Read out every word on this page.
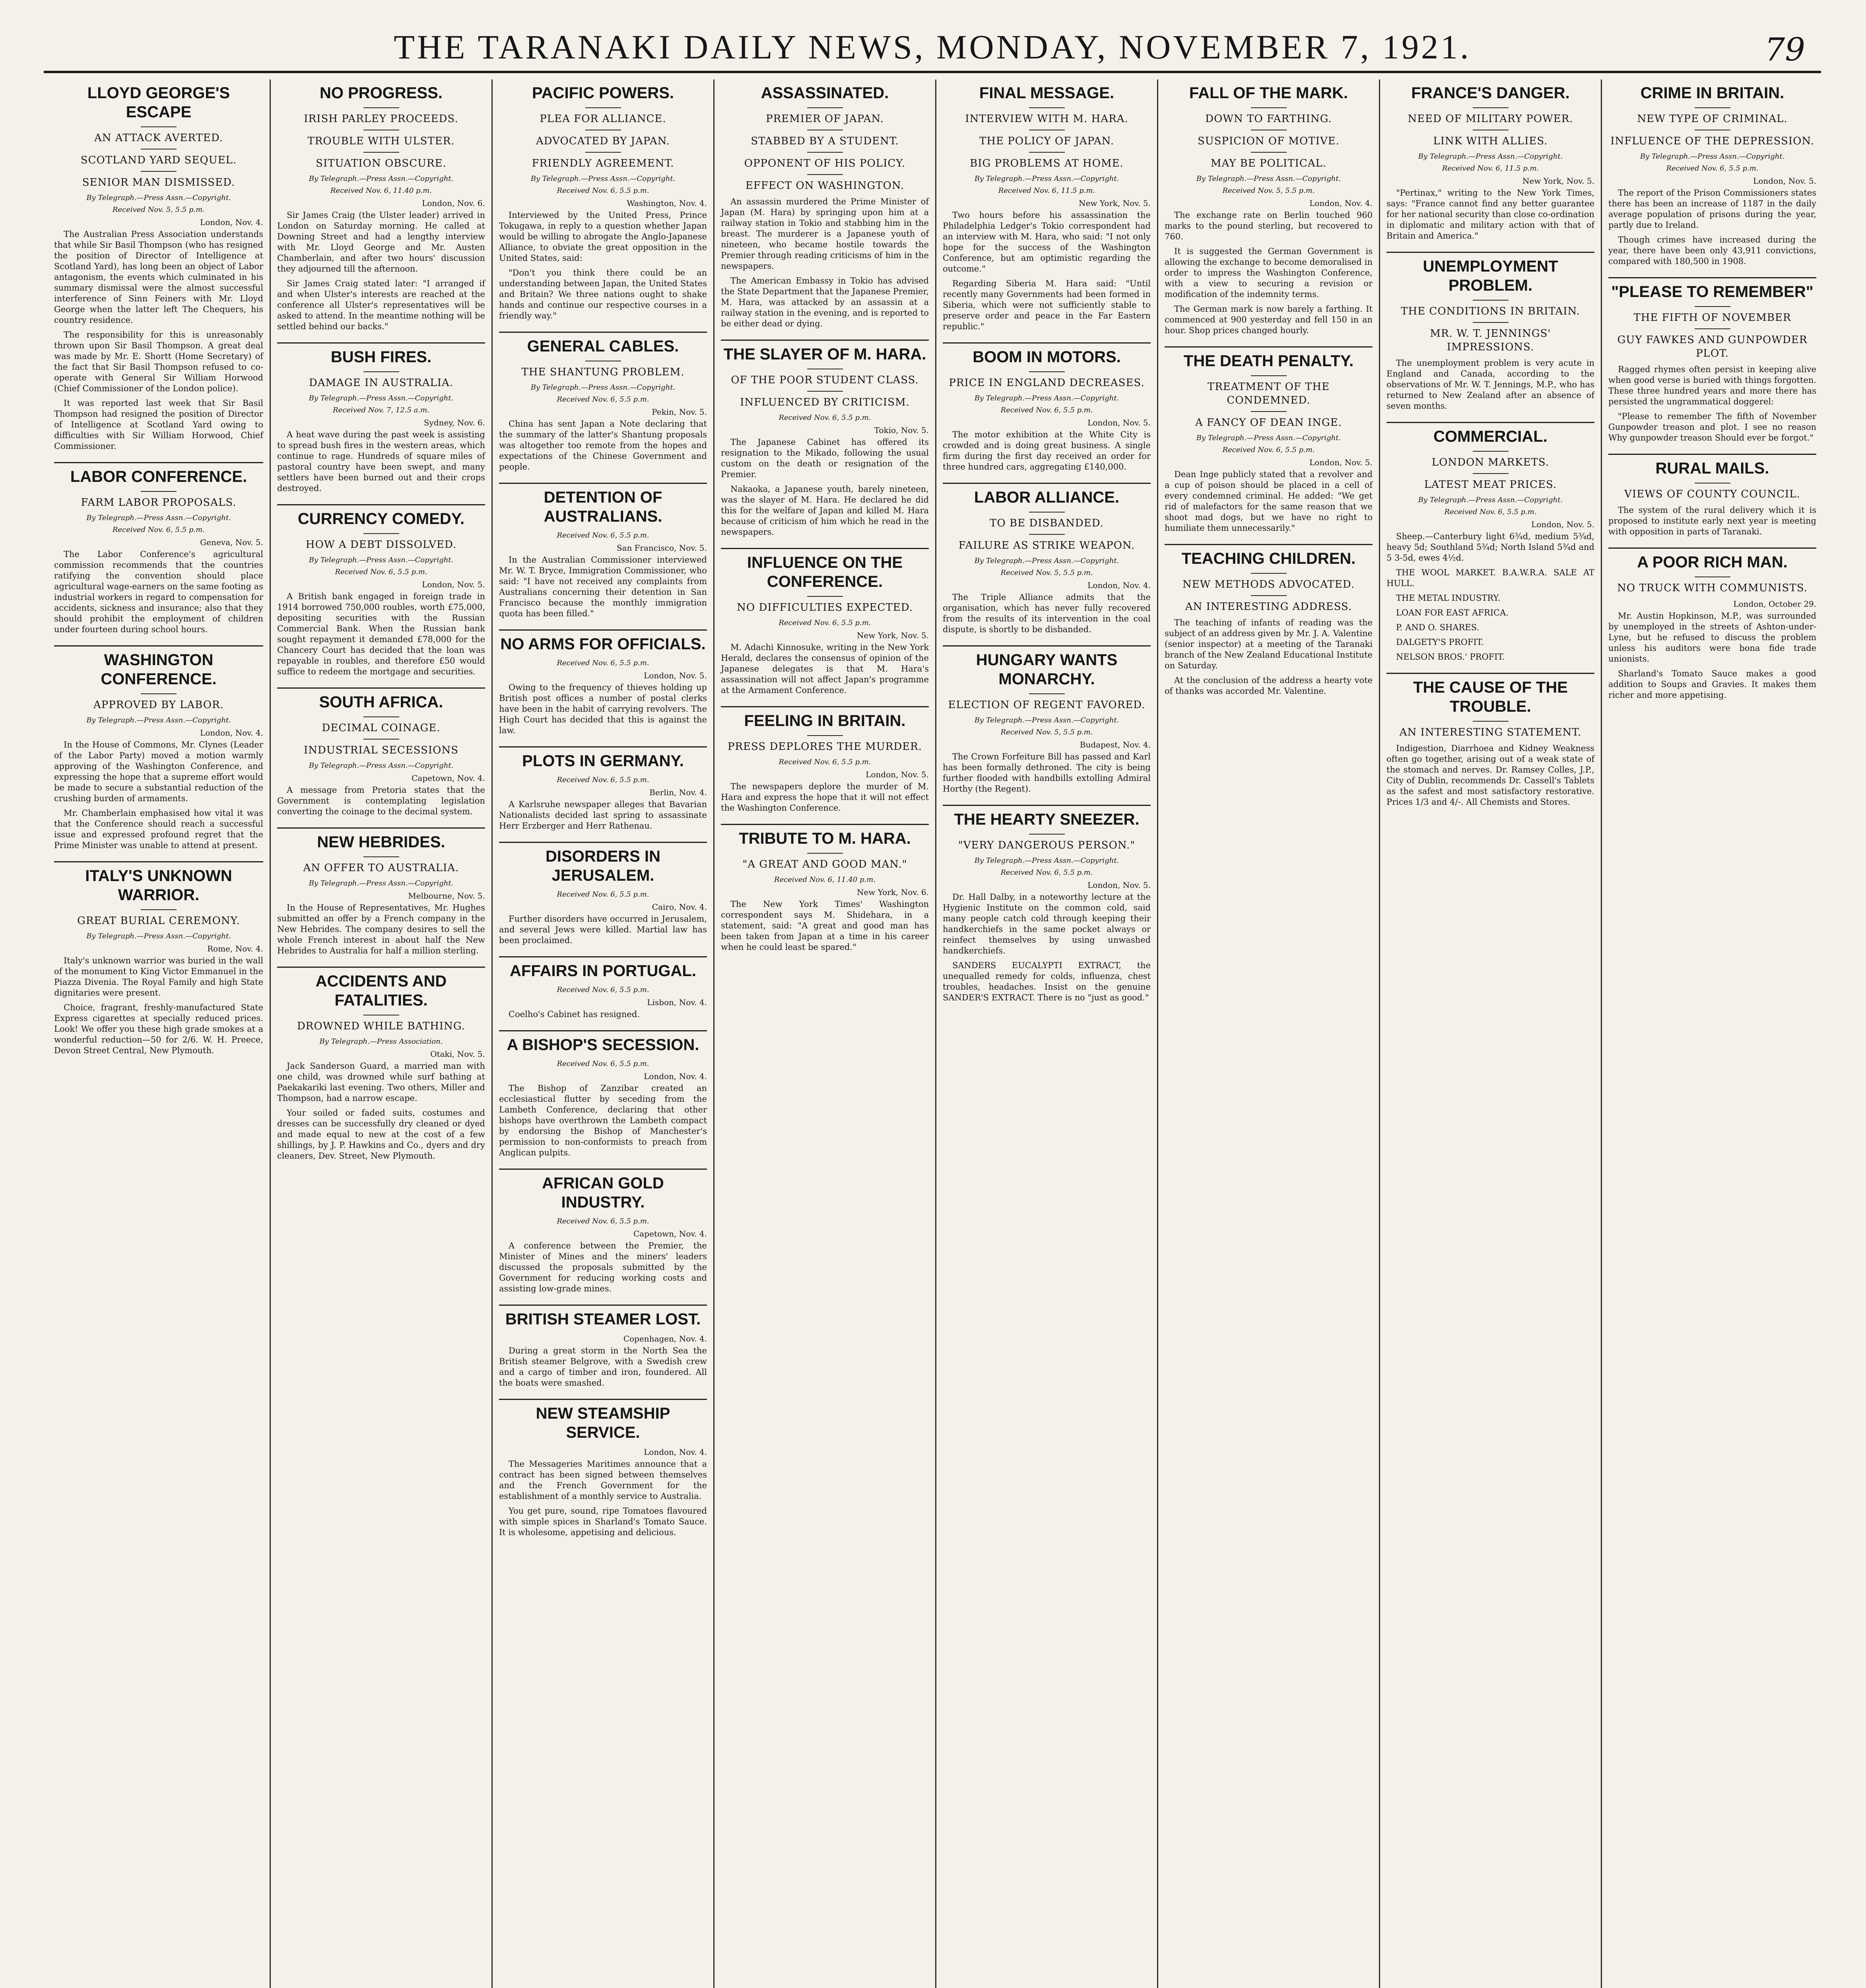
THE TARANAKI DAILY NEWS, MONDAY, NOVEMBER 7, 1921.	79
LLOYD GEORGE'S ESCAPE
AN ATTACK AVERTED.
SCOTLAND YARD SEQUEL.
SENIOR MAN DISMISSED.
By Telegraph.—Press Assn.—Copyright.
Received Nov. 5, 5.5 p.m.
London, Nov. 4.

The Australian Press Association understands that while Sir Basil Thompson (who has resigned the position of Director of Intelligence at Scotland Yard), has long been an object of Labor antagonism, the events which culminated in his summary dismissal were the almost successful interference of Sinn Feiners with Mr. Lloyd George when the latter left The Chequers, his country residence.

The responsibility for this is unreasonably thrown upon Sir Basil Thompson. A great deal was made by Mr. E. Shortt (Home Secretary) of the fact that Sir Basil Thompson refused to co-operate with General Sir William Horwood (Chief Commissioner of the London police).

It was reported last week that Sir Basil Thompson had resigned the position of Director of Intelligence at Scotland Yard owing to difficulties with Sir William Horwood, Chief Commissioner.

LABOR CONFERENCE.
FARM LABOR PROPOSALS.
By Telegraph.—Press Assn.—Copyright.
Received Nov. 6, 5.5 p.m.
Geneva, Nov. 5.

The Labor Conference's agricultural commission recommends that the countries ratifying the convention should place agricultural wage-earners on the same footing as industrial workers in regard to compensation for accidents, sickness and insurance; also that they should prohibit the employment of children under fourteen during school hours.

WASHINGTON CONFERENCE.
APPROVED BY LABOR.
By Telegraph.—Press Assn.—Copyright.
London, Nov. 4.

In the House of Commons, Mr. Clynes (Leader of the Labor Party) moved a motion warmly approving of the Washington Conference, and expressing the hope that a supreme effort would be made to secure a substantial reduction of the crushing burden of armaments.

Mr. Chamberlain emphasised how vital it was that the Conference should reach a successful issue and expressed profound regret that the Prime Minister was unable to attend at present.

ITALY'S UNKNOWN WARRIOR.
GREAT BURIAL CEREMONY.
By Telegraph.—Press Assn.—Copyright.
Rome, Nov. 4.

Italy's unknown warrior was buried in the wall of the monument to King Victor Emmanuel in the Piazza Divenia. The Royal Family and high State dignitaries were present.

Choice, fragrant, freshly-manufactured State Express cigarettes at specially reduced prices. Look! We offer you these high grade smokes at a wonderful reduction—50 for 2/6. W. H. Preece, Devon Street Central, New Plymouth.

NO PROGRESS.
IRISH PARLEY PROCEEDS.
TROUBLE WITH ULSTER.
SITUATION OBSCURE.
By Telegraph.—Press Assn.—Copyright.
Received Nov. 6, 11.40 p.m.
London, Nov. 6.

Sir James Craig (the Ulster leader) arrived in London on Saturday morning. He called at Downing Street and had a lengthy interview with Mr. Lloyd George and Mr. Austen Chamberlain, and after two hours' discussion they adjourned till the afternoon.

Sir James Craig stated later: "I arranged if and when Ulster's interests are reached at the conference all Ulster's representatives will be asked to attend. In the meantime nothing will be settled behind our backs."

BUSH FIRES.
DAMAGE IN AUSTRALIA.
By Telegraph.—Press Assn.—Copyright.
Received Nov. 7, 12.5 a.m.
Sydney, Nov. 6.

A heat wave during the past week is assisting to spread bush fires in the western areas, which continue to rage. Hundreds of square miles of pastoral country have been swept, and many settlers have been burned out and their crops destroyed.

CURRENCY COMEDY.
HOW A DEBT DISSOLVED.
By Telegraph.—Press Assn.—Copyright.
Received Nov. 6, 5.5 p.m.
London, Nov. 5.

A British bank engaged in foreign trade in 1914 borrowed 750,000 roubles, worth £75,000, depositing securities with the Russian Commercial Bank. When the Russian bank sought repayment it demanded £78,000 for the Chancery Court has decided that the loan was repayable in roubles, and therefore £50 would suffice to redeem the mortgage and securities.

SOUTH AFRICA.
DECIMAL COINAGE.
INDUSTRIAL SECESSIONS
By Telegraph.—Press Assn.—Copyright.
Capetown, Nov. 4.

A message from Pretoria states that the Government is contemplating legislation converting the coinage to the decimal system.

NEW HEBRIDES.
AN OFFER TO AUSTRALIA.
By Telegraph.—Press Assn.—Copyright.
Melbourne, Nov. 5.

In the House of Representatives, Mr. Hughes submitted an offer by a French company in the New Hebrides. The company desires to sell the whole French interest in about half the New Hebrides to Australia for half a million sterling.

ACCIDENTS AND FATALITIES.
DROWNED WHILE BATHING.
By Telegraph.—Press Association.
Otaki, Nov. 5.

Jack Sanderson Guard, a married man with one child, was drowned while surf bathing at Paekakariki last evening. Two others, Miller and Thompson, had a narrow escape.

Your soiled or faded suits, costumes and dresses can be successfully dry cleaned or dyed and made equal to new at the cost of a few shillings, by J. P. Hawkins and Co., dyers and dry cleaners, Dev. Street, New Plymouth.

PACIFIC POWERS.
PLEA FOR ALLIANCE.
ADVOCATED BY JAPAN.
FRIENDLY AGREEMENT.
By Telegraph.—Press Assn.—Copyright.
Received Nov. 6, 5.5 p.m.
Washington, Nov. 4.

Interviewed by the United Press, Prince Tokugawa, in reply to a question whether Japan would be willing to abrogate the Anglo-Japanese Alliance, to obviate the great opposition in the United States, said:

"Don't you think there could be an understanding between Japan, the United States and Britain? We three nations ought to shake hands and continue our respective courses in a friendly way."

GENERAL CABLES.
THE SHANTUNG PROBLEM.
By Telegraph.—Press Assn.—Copyright.
Received Nov. 6, 5.5 p.m.
Pekin, Nov. 5.

China has sent Japan a Note declaring that the summary of the latter's Shantung proposals was altogether too remote from the hopes and expectations of the Chinese Government and people.

DETENTION OF AUSTRALIANS.
Received Nov. 6, 5.5 p.m.
San Francisco, Nov. 5.

In the Australian Commissioner interviewed Mr. W. T. Bryce, Immigration Commissioner, who said: "I have not received any complaints from Australians concerning their detention in San Francisco because the monthly immigration quota has been filled."

NO ARMS FOR OFFICIALS.
Received Nov. 6, 5.5 p.m.
London, Nov. 5.

Owing to the frequency of thieves holding up British post offices a number of postal clerks have been in the habit of carrying revolvers. The High Court has decided that this is against the law.

PLOTS IN GERMANY.
Received Nov. 6, 5.5 p.m.
Berlin, Nov. 4.

A Karlsruhe newspaper alleges that Bavarian Nationalists decided last spring to assassinate Herr Erzberger and Herr Rathenau.

DISORDERS IN JERUSALEM.
Received Nov. 6, 5.5 p.m.
Cairo, Nov. 4.

Further disorders have occurred in Jerusalem, and several Jews were killed. Martial law has been proclaimed.

AFFAIRS IN PORTUGAL.
Received Nov. 6, 5.5 p.m.
Lisbon, Nov. 4.

Coelho's Cabinet has resigned.

A BISHOP'S SECESSION.
Received Nov. 6, 5.5 p.m.
London, Nov. 4.

The Bishop of Zanzibar created an ecclesiastical flutter by seceding from the Lambeth Conference, declaring that other bishops have overthrown the Lambeth compact by endorsing the Bishop of Manchester's permission to non-conformists to preach from Anglican pulpits.

AFRICAN GOLD INDUSTRY.
Received Nov. 6, 5.5 p.m.
Capetown, Nov. 4.

A conference between the Premier, the Minister of Mines and the miners' leaders discussed the proposals submitted by the Government for reducing working costs and assisting low-grade mines.

BRITISH STEAMER LOST.
Copenhagen, Nov. 4.

During a great storm in the North Sea the British steamer Belgrove, with a Swedish crew and a cargo of timber and iron, foundered. All the boats were smashed.

NEW STEAMSHIP SERVICE.
London, Nov. 4.

The Messageries Maritimes announce that a contract has been signed between themselves and the French Government for the establishment of a monthly service to Australia.

You get pure, sound, ripe Tomatoes flavoured with simple spices in Sharland's Tomato Sauce. It is wholesome, appetising and delicious.

ASSASSINATED.
PREMIER OF JAPAN.
STABBED BY A STUDENT.
OPPONENT OF HIS POLICY.
EFFECT ON WASHINGTON.

An assassin murdered the Prime Minister of Japan (M. Hara) by springing upon him at a railway station in Tokio and stabbing him in the breast. The murderer is a Japanese youth of nineteen, who became hostile towards the Premier through reading criticisms of him in the newspapers.

The American Embassy in Tokio has advised the State Department that the Japanese Premier, M. Hara, was attacked by an assassin at a railway station in the evening, and is reported to be either dead or dying.

THE SLAYER OF M. HARA.
OF THE POOR STUDENT CLASS.
INFLUENCED BY CRITICISM.
Received Nov. 6, 5.5 p.m.
Tokio, Nov. 5.

The Japanese Cabinet has offered its resignation to the Mikado, following the usual custom on the death or resignation of the Premier.

Nakaoka, a Japanese youth, barely nineteen, was the slayer of M. Hara. He declared he did this for the welfare of Japan and killed M. Hara because of criticism of him which he read in the newspapers.

INFLUENCE ON THE CONFERENCE.
NO DIFFICULTIES EXPECTED.
Received Nov. 6, 5.5 p.m.
New York, Nov. 5.

M. Adachi Kinnosuke, writing in the New York Herald, declares the consensus of opinion of the Japanese delegates is that M. Hara's assassination will not affect Japan's programme at the Armament Conference.

FEELING IN BRITAIN.
PRESS DEPLORES THE MURDER.
Received Nov. 6, 5.5 p.m.
London, Nov. 5.

The newspapers deplore the murder of M. Hara and express the hope that it will not effect the Washington Conference.

TRIBUTE TO M. HARA.
"A GREAT AND GOOD MAN."
Received Nov. 6, 11.40 p.m.
New York, Nov. 6.

The New York Times' Washington correspondent says M. Shidehara, in a statement, said: "A great and good man has been taken from Japan at a time in his career when he could least be spared."

FINAL MESSAGE.
INTERVIEW WITH M. HARA.
THE POLICY OF JAPAN.
BIG PROBLEMS AT HOME.
By Telegraph.—Press Assn.—Copyright.
Received Nov. 6, 11.5 p.m.
New York, Nov. 5.

Two hours before his assassination the Philadelphia Ledger's Tokio correspondent had an interview with M. Hara, who said: "I not only hope for the success of the Washington Conference, but am optimistic regarding the outcome."

Regarding Siberia M. Hara said: "Until recently many Governments had been formed in Siberia, which were not sufficiently stable to preserve order and peace in the Far Eastern republic."

BOOM IN MOTORS.
PRICE IN ENGLAND DECREASES.
By Telegraph.—Press Assn.—Copyright.
Received Nov. 6, 5.5 p.m.
London, Nov. 5.

The motor exhibition at the White City is crowded and is doing great business. A single firm during the first day received an order for three hundred cars, aggregating £140,000.

LABOR ALLIANCE.
TO BE DISBANDED.
FAILURE AS STRIKE WEAPON.
By Telegraph.—Press Assn.—Copyright.
Received Nov. 5, 5.5 p.m.
London, Nov. 4.

The Triple Alliance admits that the organisation, which has never fully recovered from the results of its intervention in the coal dispute, is shortly to be disbanded.

HUNGARY WANTS MONARCHY.
ELECTION OF REGENT FAVORED.
By Telegraph.—Press Assn.—Copyright.
Received Nov. 5, 5.5 p.m.
Budapest, Nov. 4.

The Crown Forfeiture Bill has passed and Karl has been formally dethroned. The city is being further flooded with handbills extolling Admiral Horthy (the Regent).

THE HEARTY SNEEZER.
"VERY DANGEROUS PERSON."
By Telegraph.—Press Assn.—Copyright.
Received Nov. 6, 5.5 p.m.
London, Nov. 5.

Dr. Hall Dalby, in a noteworthy lecture at the Hygienic Institute on the common cold, said many people catch cold through keeping their handkerchiefs in the same pocket always or reinfect themselves by using unwashed handkerchiefs.

SANDERS EUCALYPTI EXTRACT, the unequalled remedy for colds, influenza, chest troubles, headaches. Insist on the genuine SANDER'S EXTRACT. There is no "just as good."

FALL OF THE MARK.
DOWN TO FARTHING.
SUSPICION OF MOTIVE.
MAY BE POLITICAL.
By Telegraph.—Press Assn.—Copyright.
Received Nov. 5, 5.5 p.m.
London, Nov. 4.

The exchange rate on Berlin touched 960 marks to the pound sterling, but recovered to 760.

It is suggested the German Government is allowing the exchange to become demoralised in order to impress the Washington Conference, with a view to securing a revision or modification of the indemnity terms.

The German mark is now barely a farthing. It commenced at 900 yesterday and fell 150 in an hour. Shop prices changed hourly.

THE DEATH PENALTY.
TREATMENT OF THE CONDEMNED.
A FANCY OF DEAN INGE.
By Telegraph.—Press Assn.—Copyright.
Received Nov. 6, 5.5 p.m.
London, Nov. 5.

Dean Inge publicly stated that a revolver and a cup of poison should be placed in a cell of every condemned criminal. He added: "We get rid of malefactors for the same reason that we shoot mad dogs, but we have no right to humiliate them unnecessarily."

TEACHING CHILDREN.
NEW METHODS ADVOCATED.
AN INTERESTING ADDRESS.

The teaching of infants of reading was the subject of an address given by Mr. J. A. Valentine (senior inspector) at a meeting of the Taranaki branch of the New Zealand Educational Institute on Saturday.

At the conclusion of the address a hearty vote of thanks was accorded Mr. Valentine.

FRANCE'S DANGER.
NEED OF MILITARY POWER.
LINK WITH ALLIES.
By Telegraph.—Press Assn.—Copyright.
Received Nov. 6, 11.5 p.m.
New York, Nov. 5.

"Pertinax," writing to the New York Times, says: "France cannot find any better guarantee for her national security than close co-ordination in diplomatic and military action with that of Britain and America."

UNEMPLOYMENT PROBLEM.
THE CONDITIONS IN BRITAIN.
MR. W. T. JENNINGS' IMPRESSIONS.

The unemployment problem is very acute in England and Canada, according to the observations of Mr. W. T. Jennings, M.P., who has returned to New Zealand after an absence of seven months.

COMMERCIAL.
LONDON MARKETS.
LATEST MEAT PRICES.
By Telegraph.—Press Assn.—Copyright.
Received Nov. 6, 5.5 p.m.
London, Nov. 5.

Sheep.—Canterbury light 6¾d, medium 5¾d, heavy 5d; Southland 5¾d; North Island 5¾d and 5 3-5d, ewes 4½d.

THE WOOL MARKET. B.A.W.R.A. SALE AT HULL.

THE METAL INDUSTRY.

LOAN FOR EAST AFRICA.

P. AND O. SHARES.

DALGETY'S PROFIT.

NELSON BROS.' PROFIT.

THE CAUSE OF THE TROUBLE.
AN INTERESTING STATEMENT.

Indigestion, Diarrhoea and Kidney Weakness often go together, arising out of a weak state of the stomach and nerves. Dr. Ramsey Colles, J.P., City of Dublin, recommends Dr. Cassell's Tablets as the safest and most satisfactory restorative. Prices 1/3 and 4/-. All Chemists and Stores.

CRIME IN BRITAIN.
NEW TYPE OF CRIMINAL.
INFLUENCE OF THE DEPRESSION.
By Telegraph.—Press Assn.—Copyright.
Received Nov. 6, 5.5 p.m.
London, Nov. 5.

The report of the Prison Commissioners states there has been an increase of 1187 in the daily average population of prisons during the year, partly due to Ireland.

Though crimes have increased during the year, there have been only 43,911 convictions, compared with 180,500 in 1908.

"PLEASE TO REMEMBER"
THE FIFTH OF NOVEMBER
GUY FAWKES AND GUNPOWDER PLOT.

Ragged rhymes often persist in keeping alive when good verse is buried with things forgotten. These three hundred years and more there has persisted the ungrammatical doggerel:

"Please to remember The fifth of November Gunpowder treason and plot. I see no reason Why gunpowder treason Should ever be forgot."

RURAL MAILS.
VIEWS OF COUNTY COUNCIL.

The system of the rural delivery which it is proposed to institute early next year is meeting with opposition in parts of Taranaki.

A POOR RICH MAN.
NO TRUCK WITH COMMUNISTS.
London, October 29.

Mr. Austin Hopkinson, M.P., was surrounded by unemployed in the streets of Ashton-under-Lyne, but he refused to discuss the problem unless his auditors were bona fide trade unionists.

Sharland's Tomato Sauce makes a good addition to Soups and Gravies. It makes them richer and more appetising.
